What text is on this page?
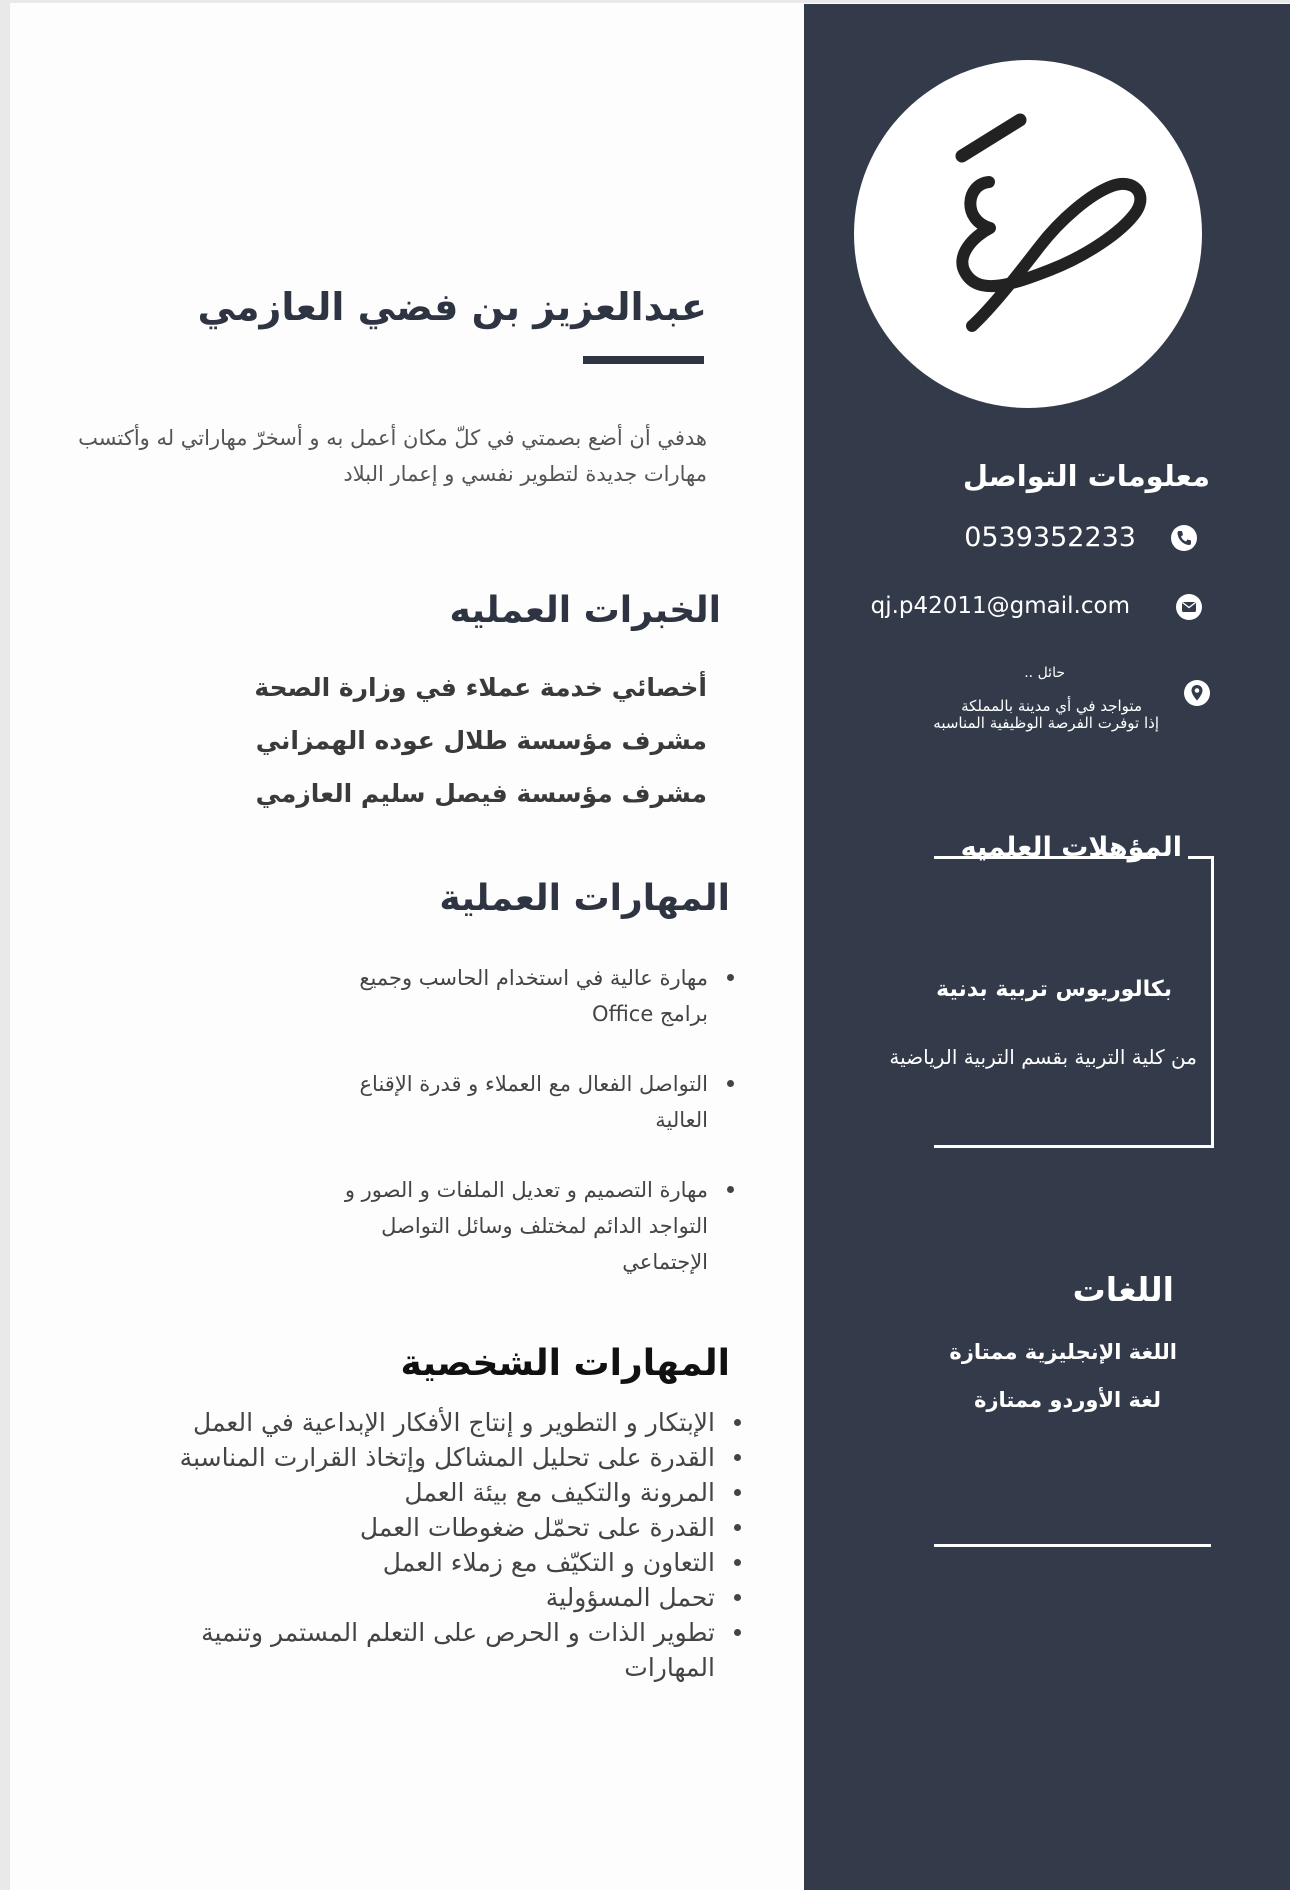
عبدالعزيز بن فضي العازمي

هدفي أن أضع بصمتي في كلّ مكان أعمل به و أسخرّ مهاراتي له وأكتسب مهارات جديدة لتطوير نفسي و إعمار البلاد

الخبرات العمليه
أخصائي خدمة عملاء في وزارة الصحة
مشرف مؤسسة طلال عوده الهمزاني
مشرف مؤسسة فيصل سليم العازمي
المهارات العملية
مهارة عالية في استخدام الحاسب وجميع برامج Office
التواصل الفعال مع العملاء و قدرة الإقناع العالية
مهارة التصميم و تعديل الملفات و الصور و التواجد الدائم لمختلف وسائل التواصل الإجتماعي
المهارات الشخصية
الإبتكار و التطوير و إنتاج الأفكار الإبداعية في العمل
القدرة على تحليل المشاكل وإتخاذ القرارت المناسبة
المرونة والتكيف مع بيئة العمل
القدرة على تحمّل ضغوطات العمل
التعاون و التكيّف مع زملاء العمل
تحمل المسؤولية
تطوير الذات و الحرص على التعلم المستمر وتنمية المهارات
معلومات التواصل
0539352233
qj.p42011@gmail.com
حائل ..
متواجد في أي مدينة بالمملكة
إذا توفرت الفرصة الوظيفية المناسبه
المؤهلات العلميه
بكالوريوس تربية بدنية
من كلية التربية بقسم التربية الرياضية
اللغات
اللغة الإنجليزية ممتازة
لغة الأوردو ممتازة
